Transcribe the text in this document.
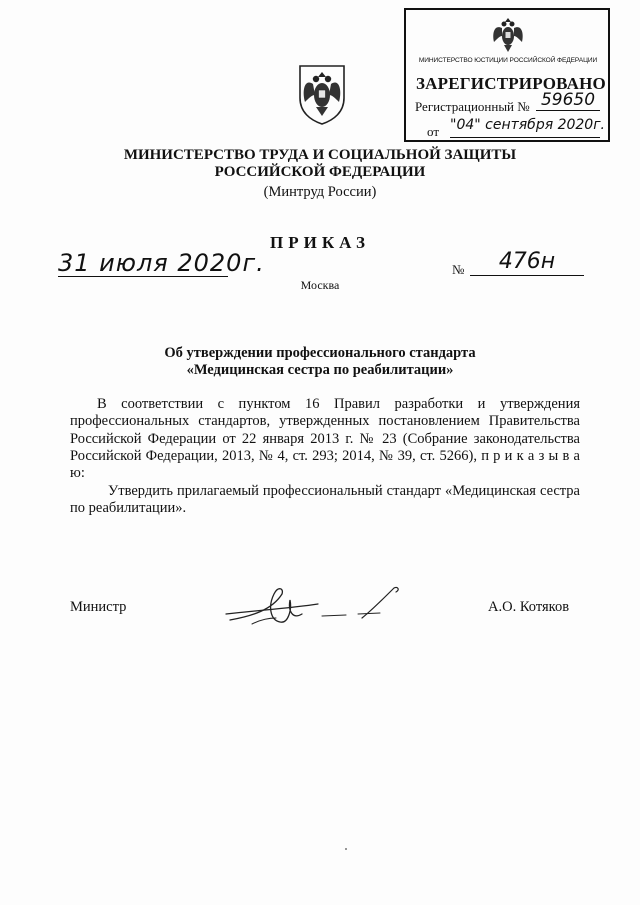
МИНИСТЕРСТВО ЮСТИЦИИ РОССИЙСКОЙ ФЕДЕРАЦИИ
ЗАРЕГИСТРИРОВАНО
Регистрационный № 59650
от "04" сентября 2020г.
МИНИСТЕРСТВО ТРУДА И СОЦИАЛЬНОЙ ЗАЩИТЫ
РОССИЙСКОЙ ФЕДЕРАЦИИ
(Минтруд России)
ПРИКАЗ
31 июля 2020г.	№	476н
Москва
Об утверждении профессионального стандарта
«Медицинская сестра по реабилитации»
В соответствии с пунктом 16 Правил разработки и утверждения профессиональных стандартов, утвержденных постановлением Правительства Российской Федерации от 22 января 2013 г. № 23 (Собрание законодательства Российской Федерации, 2013, № 4, ст. 293; 2014, № 39, ст. 5266), п р и к а з ы в а ю:
Утвердить прилагаемый профессиональный стандарт «Медицинская сестра по реабилитации».
Министр	А.О. Котяков
